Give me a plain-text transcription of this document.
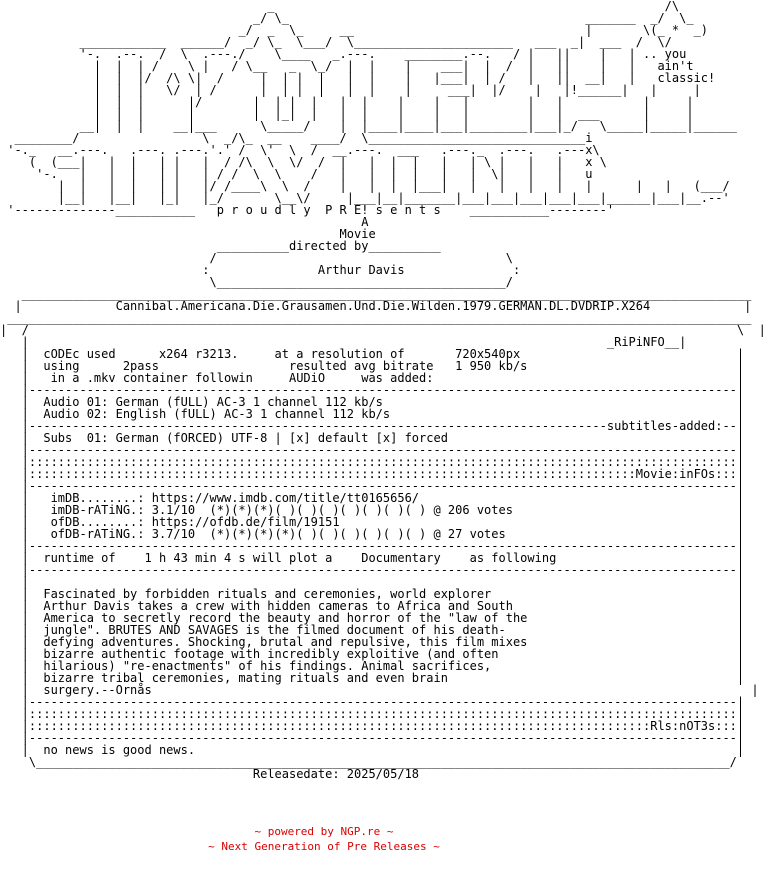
_                                                      /\
_/ \_                                         _______  _/  \_
_/  _  \_     __                                |       \(_ *  _)
____________  ______/  _/ \_  \___/  \______________________   ___  _|  ___  /  \/
'-.  .--.  /  \  .---./    \____   _.---.    ________.--.   / |   ||    |   | .. you
|  |  | /    \ |   / \__   _  \_/  |  |    |    ___|  |  /  |   ||    |   |   ain't
|  |  |/  /\ \|  /     |  | |  |   |  |    |   |___|  | /   |   ||  __|   |   classic!
|  |  |   \/  | /      |  | |  |   |  |    |     ___|  |/    |   |!______|   |     |
|  |  |      |/       |  | |  |   |  |    |    |   |        |   |           |     |
|  |  |      |        |  |_|  |   |  |    |    |   |        |   |  ___      |     |
__|  |  |    __|___      \_____/    |  |____|____|___|________|___|_/   \_____|_____|______
________/                 \  _/\_  __    ____/  \______________________________i
'-._   __.---.   .---. .---.'.' /  \'  \  /  __.---.  ___   .---._  .---.   .---x\
(  (___|   |  |   | |   |  / /\  \  \/  /  |   |  |  |   |   | \ |   |   |   x \
'-.   |   |  |   | |   | / /  \  \    /   |   |  |  |   |   |  \|   |   |   u
|  |   |  |   | |   |/ /____\  \  /    |   |  |  |___|   |   |   |   |   |      |   |   (___/
|__|   |__|   |_|   |_/       \__\/     |___|__|_______|___|___|___|___|___|______|___|__.--'
'--------------___________   p r o u d l y  P R E! s e n t s    ___________--------'
A
Movie
__________directed by__________
/                                        \
:               Arthur Davis               :
\________________________________________/
_____________________________________________________________________________________________________
|             Cannibal.Americana.Die.Grausamen.Und.Die.Wilden.1979.GERMAN.DL.DVDRIP.X264             |
_______________________________________________________________________________________________________
|  /                                                                                                  \  |
|                                                                                _RiPiNFO__|
|  cODEc used      x264 r3213.     at a resolution of       720x540px                              |
|  using      2pass                  resulted avg bitrate   1 950 kb/s                             |
|   in a .mkv container followin     AUDiO     was added:                                          |
|--------------------------------------------------------------------------------------------------|
|  Audio 01: German (fULL) AC-3 1 channel 112 kb/s                                                 |
|  Audio 02: English (fULL) AC-3 1 channel 112 kb/s                                                |
|--------------------------------------------------------------------------------subtitles-added:--|
|  Subs  01: German (fORCED) UTF-8 | [x] default [x] forced                                        |
|--------------------------------------------------------------------------------------------------|
|::::::::::::::::::::::::::::::::::::::::::::::::::::::::::::::::::::::::::::::::::::::::::::::::::|
|::::::::::::::::::::::::::::::::::::::::::::::::::::::::::::::::::::::::::::::::::::Movie:inFOs:::|
|--------------------------------------------------------------------------------------------------|
|   imDB........: https://www.imdb.com/title/tt0165656/                                            |
|   imDB-rATiNG.: 3.1/10  (*)(*)(*)( )( )( )( )( )( )( ) @ 206 votes                               |
|   ofDB........: https://ofdb.de/film/19151                                                       |
|   ofDB-rATiNG.: 3.7/10  (*)(*)(*)(*)( )( )( )( )( )( ) @ 27 votes                                |
|--------------------------------------------------------------------------------------------------|
|  runtime of    1 h 43 min 4 s will plot a    Documentary    as following                         |
|--------------------------------------------------------------------------------------------------|
|                                                                                                  |
|  Fascinated by forbidden rituals and ceremonies, world explorer                                  |
|  Arthur Davis takes a crew with hidden cameras to Africa and South                               |
|  America to secretly record the beauty and horror of the "law of the                             |
|  jungle". BRUTES AND SAVAGES is the filmed document of his death-                                |
|  defying adventures. Shocking, brutal and repulsive, this film mixes                             |
|  bizarre authentic footage with incredibly exploitive (and often                                 |
|  hilarious) "re-enactments" of his findings. Animal sacrifices,                                  |
|  bizarre tribal ceremonies, mating rituals and even brain                                        |
|  surgery.--Ornås                                                                                   |
|--------------------------------------------------------------------------------------------------|
|::::::::::::::::::::::::::::::::::::::::::::::::::::::::::::::::::::::::::::::::::::::::::::::::::|
|::::::::::::::::::::::::::::::::::::::::::::::::::::::::::::::::::::::::::::::::::::::Rls:nOT3s:::|
|--------------------------------------------------------------------------------------------------|
|  no news is good news.                                                                           |
\________________________________________________________________________________________________/
Releasedate: 2025/05/18
~ powered by NGP.re ~
~ Next Generation of Pre Releases ~
